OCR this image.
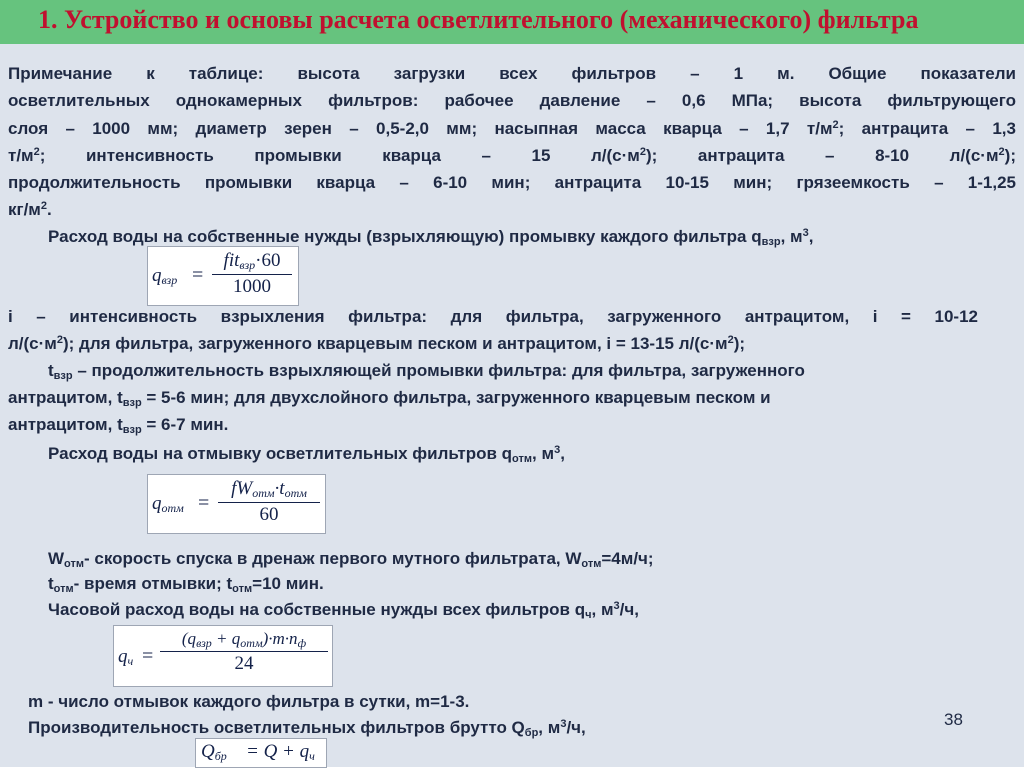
1. Устройство и основы расчета осветлительного (механического) фильтра
Примечание к таблице: высота загрузки всех фильтров – 1 м. Общие показатели
осветлительных однокамерных фильтров: рабочее давление – 0,6 МПа; высота фильтрующего
слоя – 1000 мм; диаметр зерен – 0,5-2,0 мм; насыпная масса кварца – 1,7 $т/м^2$; антрацита – 1,3
$т/м^2$; интенсивность промывки кварца – 15 $л/(с\cdot м^2)$; антрацита – 8-10 $л/(с\cdot м^2)$;
продолжительность промывки кварца – 6-10 мин; антрацита 10-15 мин; грязеемкость – 1-1,25
$кг/м^2$.
Расход воды на собственные нужды (взрыхляющую) промывку каждого фильтра $q_{взр}$, $м^3$,
$q_{взр}$ =
fit$_{взр}$·60
1000
i – интенсивность взрыхления фильтра: для фильтра, загруженного антрацитом, i = 10-12
$л/(с\cdot м^2)$; для фильтра, загруженного кварцевым песком и антрацитом, i = 13-15 $л/(с\cdot м^2)$;
$t_{взр}$ – продолжительность взрыхляющей промывки фильтра: для фильтра, загруженного
антрацитом, $t_{взр} = 5-6$ мин; для двухслойного фильтра, загруженного кварцевым песком и
антрацитом, $t_{взр} = 6-7$ мин.
Расход воды на отмывку осветлительных фильтров $q_{отм}$, $м^3$,
$q_{отм}$ =
$fW_{отм}\cdot t_{отм}$
60
$W_{отм}-$ скорость спуска в дренаж первого мутного фильтрата, $W_{отм}=4м/ч$;
$t_{отм}-$ время отмывки; $t_{отм}=10$ мин.
Часовой расход воды на собственные нужды всех фильтров $q_ч$, $м^3/ч$,
$q_ч$ =
$(q_{взр} + q_{отм})\cdot m\cdot n_ф$
24
m - число отмывок каждого фильтра в сутки, m=1-3.
Производительность осветлительных фильтров брутто $Q_{бр}$, $м^3/ч$,
$Q_{бр} = Q + q_ч$
38
